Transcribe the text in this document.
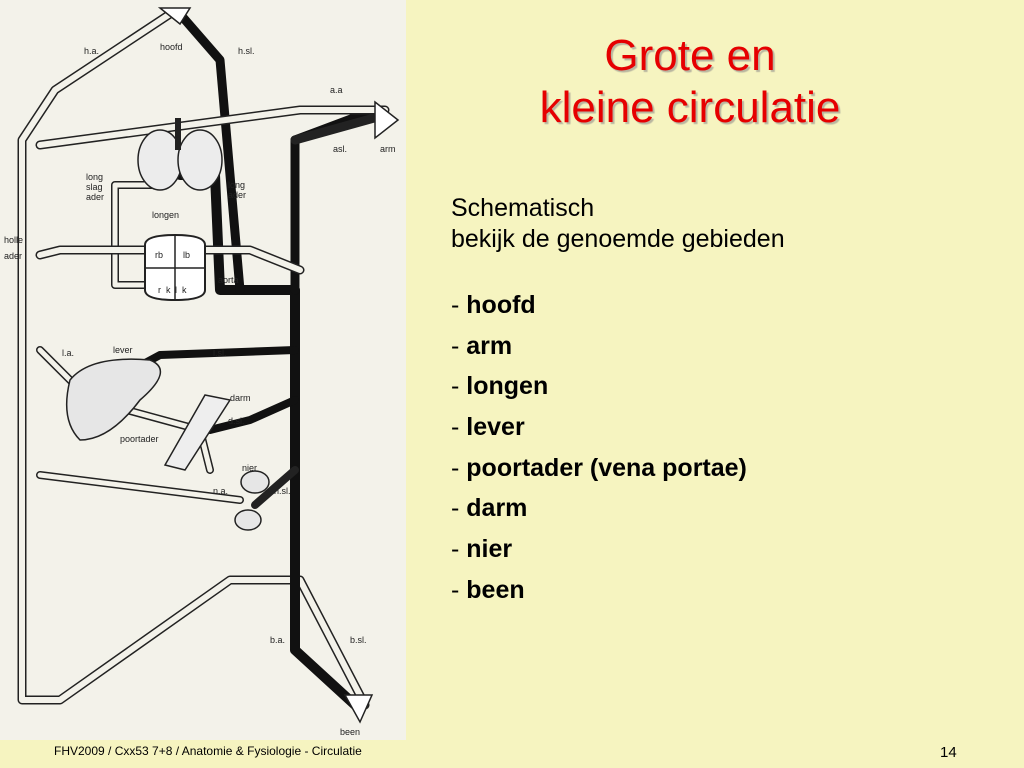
h.a.	hoofd	h.sl.
a.a
asl.	arm
long
slag
ader
long
ader
longen
holle
ader	rb lb
r k l k
aorta
l.a.	lever	l.sl.
darm
d.sl.
poortader
nier
n.a.	n.sl.
b.a.	b.sl.
been
Grote en
kleine circulatie
Schematisch
bekijk de genoemde gebieden
- hoofd
- arm
- longen
- lever
- poortader (vena portae)
- darm
- nier
- been
FHV2009 / Cxx53 7+8 / Anatomie & Fysiologie - Circulatie	14
